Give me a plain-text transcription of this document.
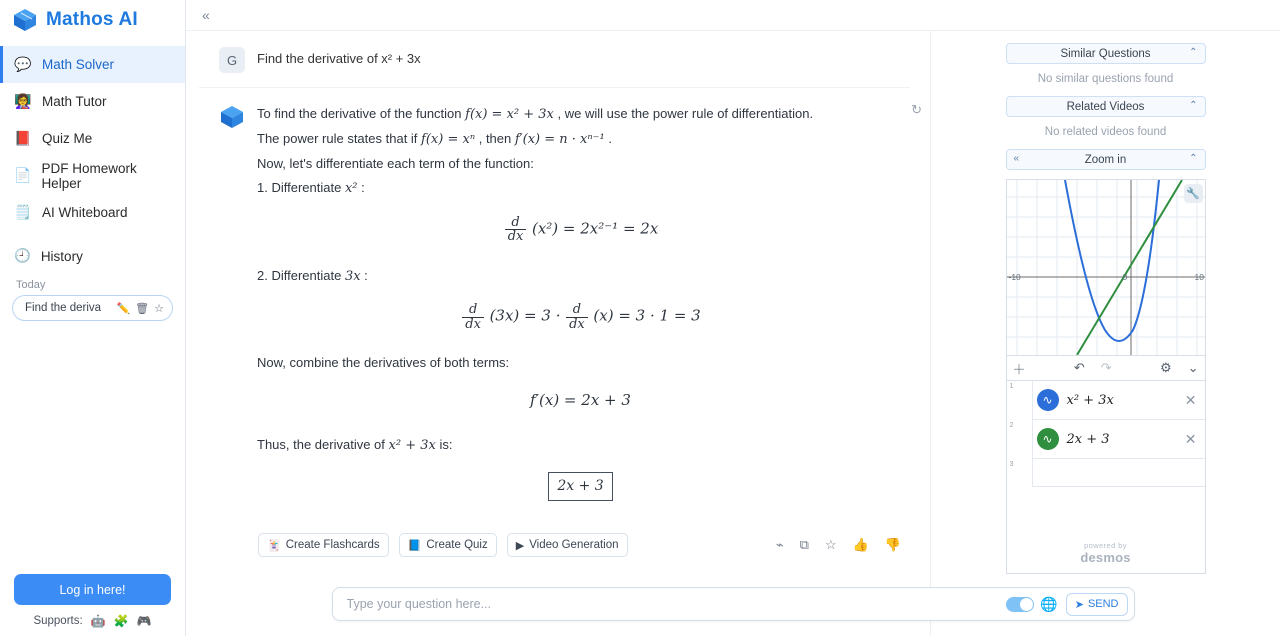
Mathos AI
💬 Math Solver
👩‍🏫 Math Tutor
📕 Quiz Me
📄 PDF Homework Helper
🗒️ AI Whiteboard
🕘 History
Today
Find the deriva ✏️ 🗑 ☆
Log in here!
Supports: 🤖 🧩 🎮
«
G	Find the derivative of x² + 3x
↻

To find the derivative of the function f(x) = x² + 3x , we will use the power rule of differentiation.

The power rule states that if f(x) = xⁿ , then f′(x) = n · xⁿ⁻¹ .

Now, let's differentiate each term of the function:

1. Differentiate x² :

$\frac{d}{dx} (x^2) = 2x^{2-1} = 2x$

2. Differentiate 3x :

$\frac{d}{dx} (3x) = 3 \cdot \frac{d}{dx} (x) = 3 \cdot 1 = 3$

Now, combine the derivatives of both terms:

f′(x) = 2x + 3

Thus, the derivative of x² + 3x is:

2x + 3
🃏 Create Flashcards	📘 Create Quiz	▶ Video Generation	⌁ ⧉ ☆ 👍 👎
Similar Questions	⌃
No similar questions found
Related Videos	⌃
No related videos found
«	Zoom in	⌃
-10	0	10
🔧
＋	↶ ↷	⚙ ⌄
1
∿	x² + 3x	✕
2
∿	2x + 3	✕
3
powered by
desmos
Type your question here...
🌐 ➤ SEND
